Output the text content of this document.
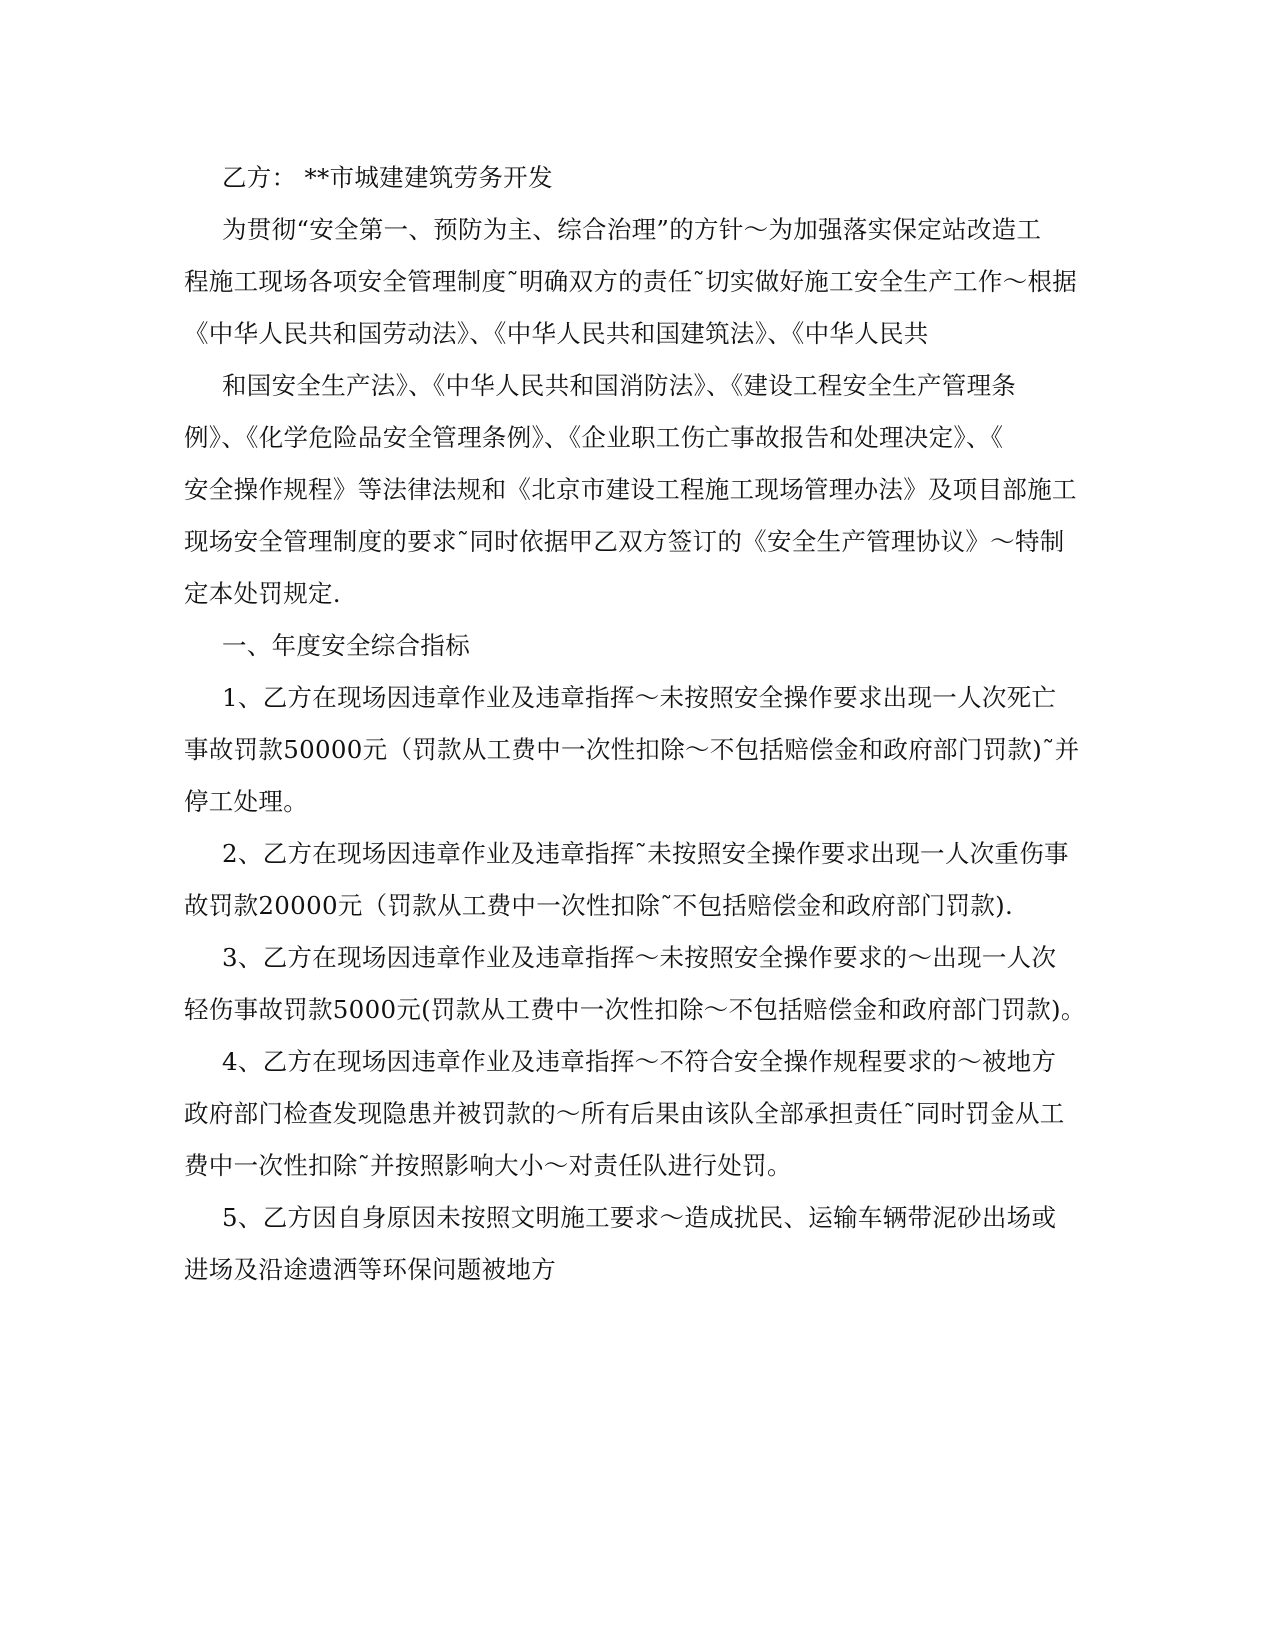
乙方： **市城建建筑劳务开发
为贯彻“安全第一、预防为主、综合治理”的方针～为加强落实保定站改造工
程施工现场各项安全管理制度˜明确双方的责任˜切实做好施工安全生产工作～根据
《中华人民共和国劳动法》、《中华人民共和国建筑法》、《中华人民共
和国安全生产法》、《中华人民共和国消防法》、《建设工程安全生产管理条
例》、《化学危险品安全管理条例》、《企业职工伤亡事故报告和处理决定》、《
安全操作规程》等法律法规和《北京市建设工程施工现场管理办法》及项目部施工
现场安全管理制度的要求˜同时依据甲乙双方签订的《安全生产管理协议》～特制
定本处罚规定.
一、年度安全综合指标
1、乙方在现场因违章作业及违章指挥～未按照安全操作要求出现一人次死亡
事故罚款50000元（罚款从工费中一次性扣除～不包括赔偿金和政府部门罚款)˜并
停工处理。
2、乙方在现场因违章作业及违章指挥˜未按照安全操作要求出现一人次重伤事
故罚款20000元（罚款从工费中一次性扣除˜不包括赔偿金和政府部门罚款).
3、乙方在现场因违章作业及违章指挥～未按照安全操作要求的～出现一人次
轻伤事故罚款5000元(罚款从工费中一次性扣除～不包括赔偿金和政府部门罚款)。
4、乙方在现场因违章作业及违章指挥～不符合安全操作规程要求的～被地方
政府部门检查发现隐患并被罚款的～所有后果由该队全部承担责任˜同时罚金从工
费中一次性扣除˜并按照影响大小～对责任队进行处罚。
5、乙方因自身原因未按照文明施工要求～造成扰民、运输车辆带泥砂出场或
进场及沿途遗洒等环保问题被地方
